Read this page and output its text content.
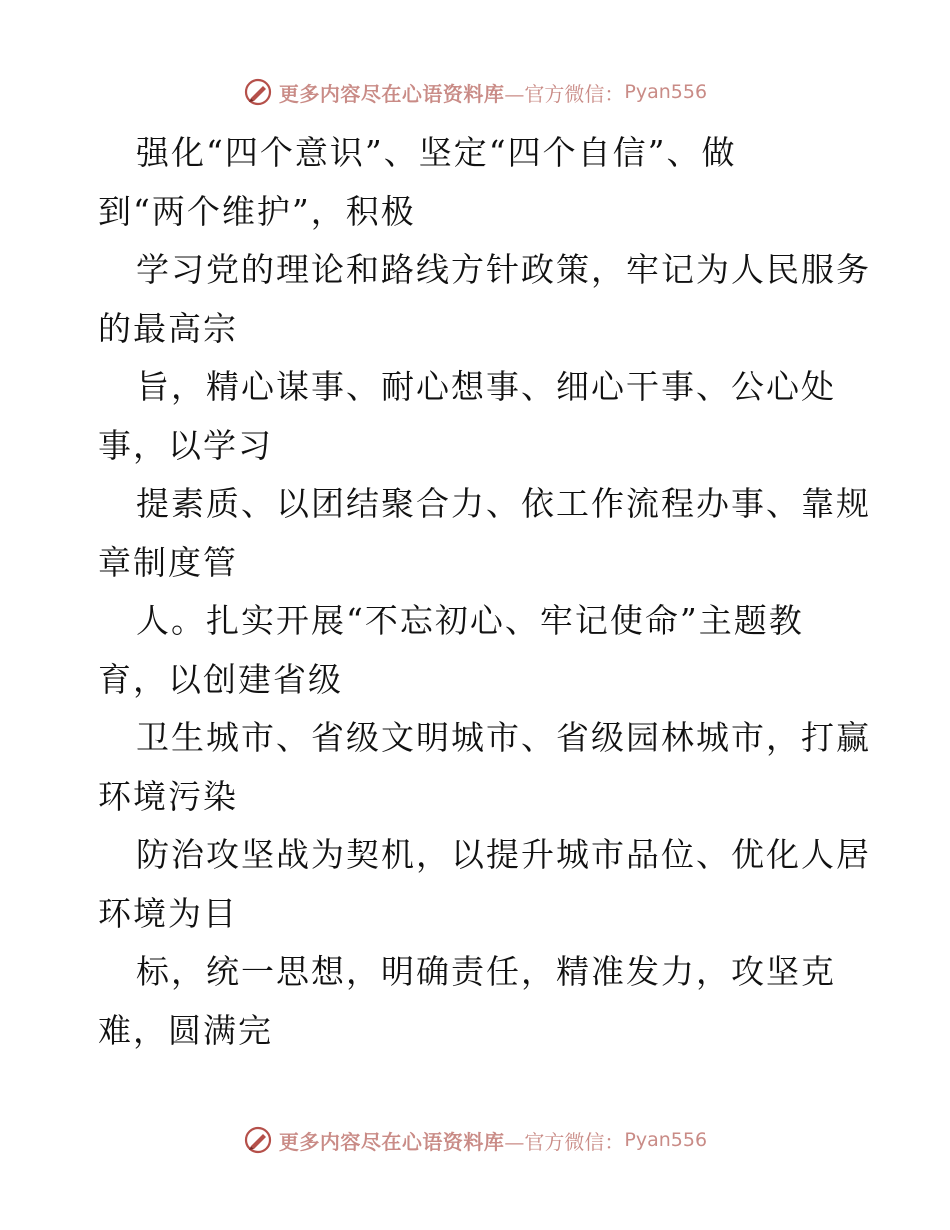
更多内容尽在心语资料库 —官方微信： Pyan556
强化“四个意识”、坚定“四个自信”、做
到“两个维护”，积极
学习党的理论和路线方针政策，牢记为人民服务
的最高宗
旨，精心谋事、耐心想事、细心干事、公心处
事，以学习
提素质、以团结聚合力、依工作流程办事、靠规
章制度管
人。扎实开展“不忘初心、牢记使命”主题教
育，以创建省级
卫生城市、省级文明城市、省级园林城市，打赢
环境污染
防治攻坚战为契机，以提升城市品位、优化人居
环境为目
标，统一思想，明确责任，精准发力，攻坚克
难，圆满完
更多内容尽在心语资料库 —官方微信： Pyan556
